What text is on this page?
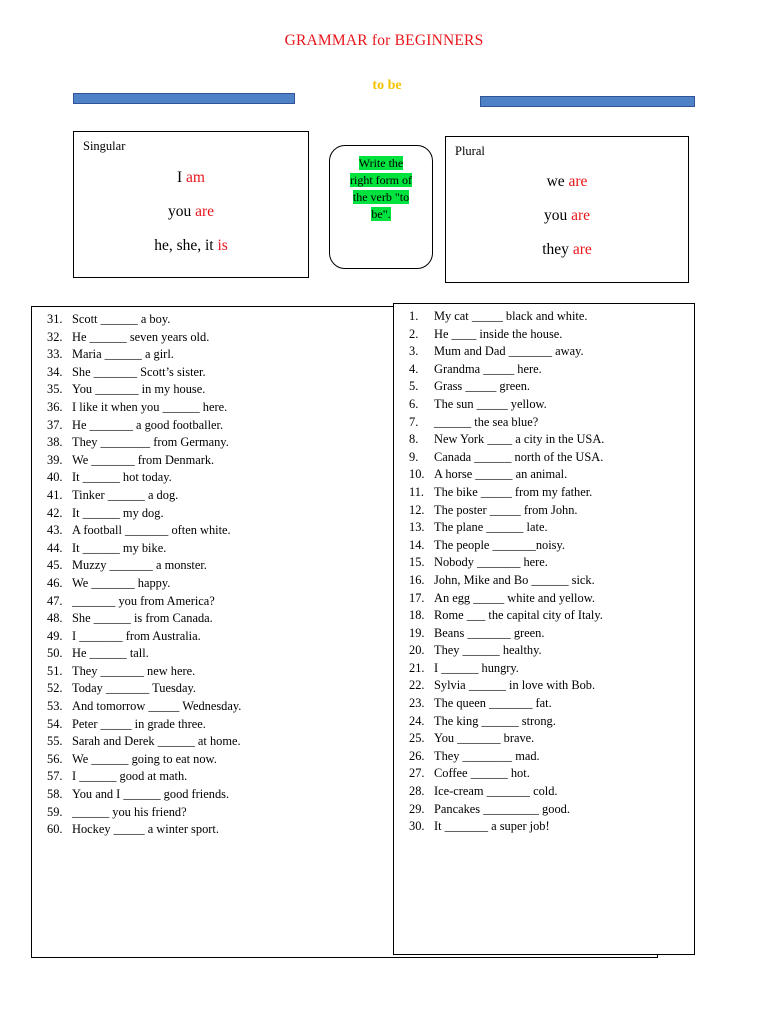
GRAMMAR for BEGINNERS
to be
Singular
I am
you are
he, she, it is
Write the
right form of
the verb "to
be".
Plural
we are
you are
they are
31. Scott ______ a boy.
32. He ______ seven years old.
33. Maria ______ a girl.
34. She _______ Scott’s sister.
35. You _______ in my house.
36. I like it when you ______ here.
37. He _______ a good footballer.
38. They ________ from Germany.
39. We _______ from Denmark.
40. It ______ hot today.
41. Tinker ______ a dog.
42. It ______ my dog.
43. A football _______ often white.
44. It ______ my bike.
45. Muzzy _______ a monster.
46. We _______ happy.
47. _______ you from America?
48. She ______ is from Canada.
49. I _______ from Australia.
50. He ______ tall.
51. They _______ new here.
52. Today _______ Tuesday.
53. And tomorrow _____ Wednesday.
54. Peter _____ in grade three.
55. Sarah and Derek ______ at home.
56. We ______ going to eat now.
57. I ______ good at math.
58. You and I ______ good friends.
59. ______ you his friend?
60. Hockey _____ a winter sport.
1.	My cat _____ black and white.
2.	He ____ inside the house.
3.	Mum and Dad _______ away.
4.	Grandma _____ here.
5.	Grass _____ green.
6.	The sun _____ yellow.
7.	______ the sea blue?
8.	New York ____ a city in the USA.
9.	Canada ______ north of the USA.
10. A horse ______ an animal.
11. The bike _____ from my father.
12. The poster _____ from John.
13. The plane ______ late.
14. The people _______noisy.
15. Nobody _______ here.
16. John, Mike and Bo ______ sick.
17. An egg _____ white and yellow.
18. Rome ___ the capital city of Italy.
19. Beans _______ green.
20. They ______ healthy.
21. I ______ hungry.
22. Sylvia ______ in love with Bob.
23. The queen _______ fat.
24. The king ______ strong.
25. You _______ brave.
26. They ________ mad.
27. Coffee ______ hot.
28. Ice-cream _______ cold.
29. Pancakes _________ good.
30. It _______ a super job!
